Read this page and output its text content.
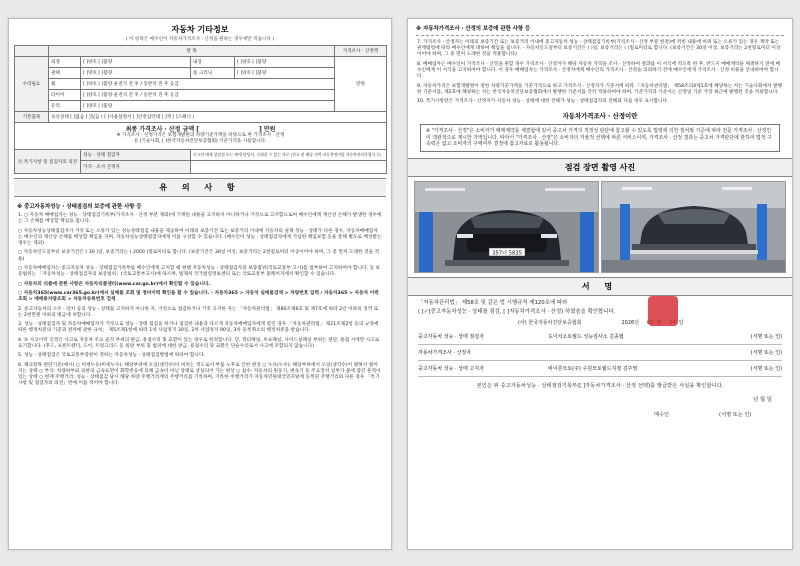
자동차 기타정보
( 이 항목은 매수인이 자동차가격조사 · 산정을 원하는 경우에만 적습니다 )
	항 목				가격조사 · 산정액
수리필요	외장	[ ]양호 [ ]불량	내장	[ ]양호 [ ]불량	만원
	광택	[ ]양호 [ ]불량	룸 크리닝	[ ]양호 [ ]불량	
	휠	[ ]양호 [ ]불량 운전석 전 후 / 동반석 전 후 응급			
	타이어	[ ]양호 [ ]불량 운전석 전 후 / 동반석 전 후 응급			
	유리	[ ]양호 [ ]불량			
기본품목	보유상태 [ ]없음 [ ]있음 ( [ ]사용설명서 [ ]안전삼각대 [ ]잭 [ ]스패너 )				

최종 가격조사 · 산정 금액 [ ] 만원
※ 가격조사 · 산정가격은 보험개발원의 차량기준가액을 바탕으로 한 가격조사 · 산정
([ ]기술사회, [ ]한국자동차진단보증협회) 기준가격을 사용합니다.					

⑫ 특기사항 및 점검자의 의견		성능 · 상태 점검자	중고차 매매 상담원 또는 판매 담당자, 신뢰할 수 있는 자로 (전국 및 해당 지역 자동차정비업 자동차관리사업자 등)		
		가격 · 조사 산정자			
유 의 사 항
※ 중고자동차성능 · 상태점검의 보증에 관한 사항 등

1. ○ 자동차 매매업자는 성능 · 상태점검기록부(가격조사 · 산정 부분 제외)에 기재된 내용을 고지하지 아니하거나 거짓으로 고지함으로써 매수인에게 재산상 손해가 발생한 경우에는 그 손해를 배상할 책임을 집니다.

○ 자동차성능상태점검자가 거짓 또는 오류가 있는 성능상태점검 내용을 제공하여 아래의 보증기간 또는 보증거리 이내에 자동차의 실제 성능 · 상태가 다른 경우, 자동차매매업자는 매수인의 재산상 손해를 배상할 책임을 지며, 자동차성능상태점검자에게 이를 구상할 수 있습니다. (매수인이 성능 · 상태점검자에게 가입한 책임보험 등을 통해 별도로 배상받는 경우는 제외)

○ 자동차인도일부터 보증기간은 ( 30 )일, 보증거리는 ( 2000 )킬로미터로 합니다. (보증기간은 30일 이상, 보증거리는 2천킬로미터 이상이어야 하며, 그 중 먼저 도래한 것을 적용)

○ 자동차매매업자는 중고자동차 성능 · 상태점검기록부를 매수인에게 고지할 때 현행 자동차성능 · 상태점검자의 보증범위(국토교통부 고시)를 첨부하여 고지하여야 합니다. 동 보증범위는 「자동차성능 · 상태점검자의 보증범위」(국토교통부고시)에 따르며, 법제처 국가법령정보센터 또는 국토교통부 홈페이지에서 확인할 수 있습니다.

○ 자동차의 리콜에 관한 사항은 자동차리콜센터(www.car.go.kr)에서 확인할 수 있습니다.

○ 자동차365(www.car365.go.kr)에서 실매물 조회 및 정비이력 확인을 할 수 있습니다. - 자동차365 > 자동차 실매물검색 > 차량번호 입력 / 자동차365 > 자동차 이력조회 > 매매용자량조회 > 자동차등록번호 검색

2. 중고자동차의 구조 · 장치 등의 성능 · 상태를 고지하지 아니한 자, 거짓으로 점검하거나 거짓 고지한 자는 「자동차관리법」 제80조제6호 및 제7호에 따라 2년 이하의 징역 또는 2천만원 이하의 벌금에 처합니다.

3. 성능 · 상태점검자 및 자동차매매업자가 거짓으로 성능 · 상태 점검을 하거나 점검한 내용과 다르게 자동차매매업자에게 알린 경우 「자동차관리법」 제21조제2항 등의 규정에 따른 행정처분의 기준과 절차에 관한 규칙」 제5조제1항에 따라 1차 사업정지 30일, 2차 사업정지 90일, 3차 등록취소의 행정처분을 받습니다.

4. ⑤ 사고이력 인정은 사고로 자동차 주요 골격 부위의 판금, 용접수리 및 교환이 있는 경우로 한정합니다. 단, 쿼터패널, 루프패널, 사이드실패널 부위는 절단, 용접 시에만 사고로 표기합니다. (후드, 프론트펜더, 도어, 트렁크리드 등 외판 부위 및 범퍼에 대한 판금, 용접수리 및 교환은 단순수리로서 사고에 포함되지 않습니다)

5. 성능 · 상태점검은 국토교통부장관이 정하는 자동차성능 · 상태점검방법에 따라야 합니다.

6. 체크항목 판단기준(예시) ○ 미세누유(미세누수): 해당부위에 오일(냉각수)이 비치는 정도로서 부품 노후로 인한 현상 ○ 누유(누수): 해당부위에서 오일(냉각수)이 맺혀서 떨어지는 상태 ○ 부식: 차량하부와 외판의 금속표면이 화학반응에 의해 금속이 아닌 상태로 상실되어 가는 현상 ○ 침수: 자동차의 원동기, 변속기 등 주요장치 일부가 물에 잠긴 흔적이 있는 상태 ○ 현재 주행거리: 성능 · 상태점검 당시 해당 차량 주행거리계의 주행거리를 기록하며, 기록한 주행거리가 자동차민원대국민포털에 등록된 주행거리와 다른 경우 「특기사항 및 점검자의 의견」란에 이를 적어야 합니다.

※ 자동차가격조사 · 산정의 보증에 관한 사항 등

7. 가격조사 · 산정자는 아래의 보증기간 또는 보증거리 이내에 중고자동차 성능 · 상태점검기록부(가격조사 · 산정 부분 한정)에 적힌 내용에 허위 또는 오류가 있는 경우 계약 또는 관계법령에 따라 매수인에게 대하여 책임을 집니다. - 자동차인도일부터 보증기간은 ( )일, 보증거리는 ( )킬로미터로 합니다. (보증기간은 30일 이상, 보증거리는 2천킬로미터 이상이어야 하며, 그 중 먼저 도래한 것을 적용합니다)

8. 매매업자는 매수인이 가격조사 · 산정을 원할 경우 가격조사 · 산정자가 해당 자동차 가격을 조사 · 산정하여 결과를 이 서식에 적도록 한 후, 반드시 매매계약을 체결하기 전에 매수인에게 이 서식을 고지하여야 합니다. 이 경우 매매업자는 가격조사 · 산정자에게 매수인의 가격조사 · 산정을 의뢰하기 전에 매수인에게 가격조사 · 산정 비용을 안내하여야 합니다.

9. 자동차가격은 보험개발원이 정한 차량기준가액을 기준가격으로 하고 가격조사 · 산정자가 기준서에 따라 「자동차관리법」 제58조의4제1호에 해당하는 자는 기술사회에서 발행한 기준서를, 제2호에 해당하는 자는 한국자동차진단보증협회에서 발행한 기준서를 각각 적용하여야 하며, 기준가격과 기준서는 산정일 기준 가장 최근에 발행된 것을 적용합니다.

10. 특기사항란은 가격조사 · 산정자가 자동차 성능 · 상태에 대한 견해가 성능 · 상태점검자의 견해와 다를 경우 표시합니다.

자동차가격조사 · 산정이란
※ "가격조사 · 산정"은 소비자가 매매계약을 체결함에 있어 중고차 가격의 적정성 판단에 참고할 수 있도록 법령에 의한 절차와 기준에 따라 전문 가격조사 · 산정인이 객관적으로 제시한 가액입니다. 따라서 "가격조사 · 산정"은 소비자의 자율적 선택에 따른 서비스이며, 가격조사 · 산정 결과는 중고차 가격판단에 관하여 법적 구속력은 없고 소비자의 구매여부 결정에 참고자료로 활용됩니다.
점검 장면 촬영 사진
357너 5835
서 명
「자동차관리법」 제58조 및 같은 법 시행규칙 제120조에 따라
( [✓]중고자동차성능 · 상태를 점검, [ ]자동차가격조사 · 산정) 하였음을 확인합니다.
(사) 한국자동차진단보증협회	2026년	일
중고자동차 성능 · 상태 점검자	도이치오토월드 성능검사소 김종협	(서명 또는 인)
자동차가격조사 · 산정자	(서명 또는 인)
중고자동차 성능 · 상태 고지자	비이론모토(주) 수원모토월드지점 김주영	(서명 또는 인)
본인은 위 중고자동차성능 · 상태점검기록부([ ]자동차가격조사 · 산정 선택)를 발급받은 사실을 확인합니다.
년 월 일
매수인	(서명 또는 인)
